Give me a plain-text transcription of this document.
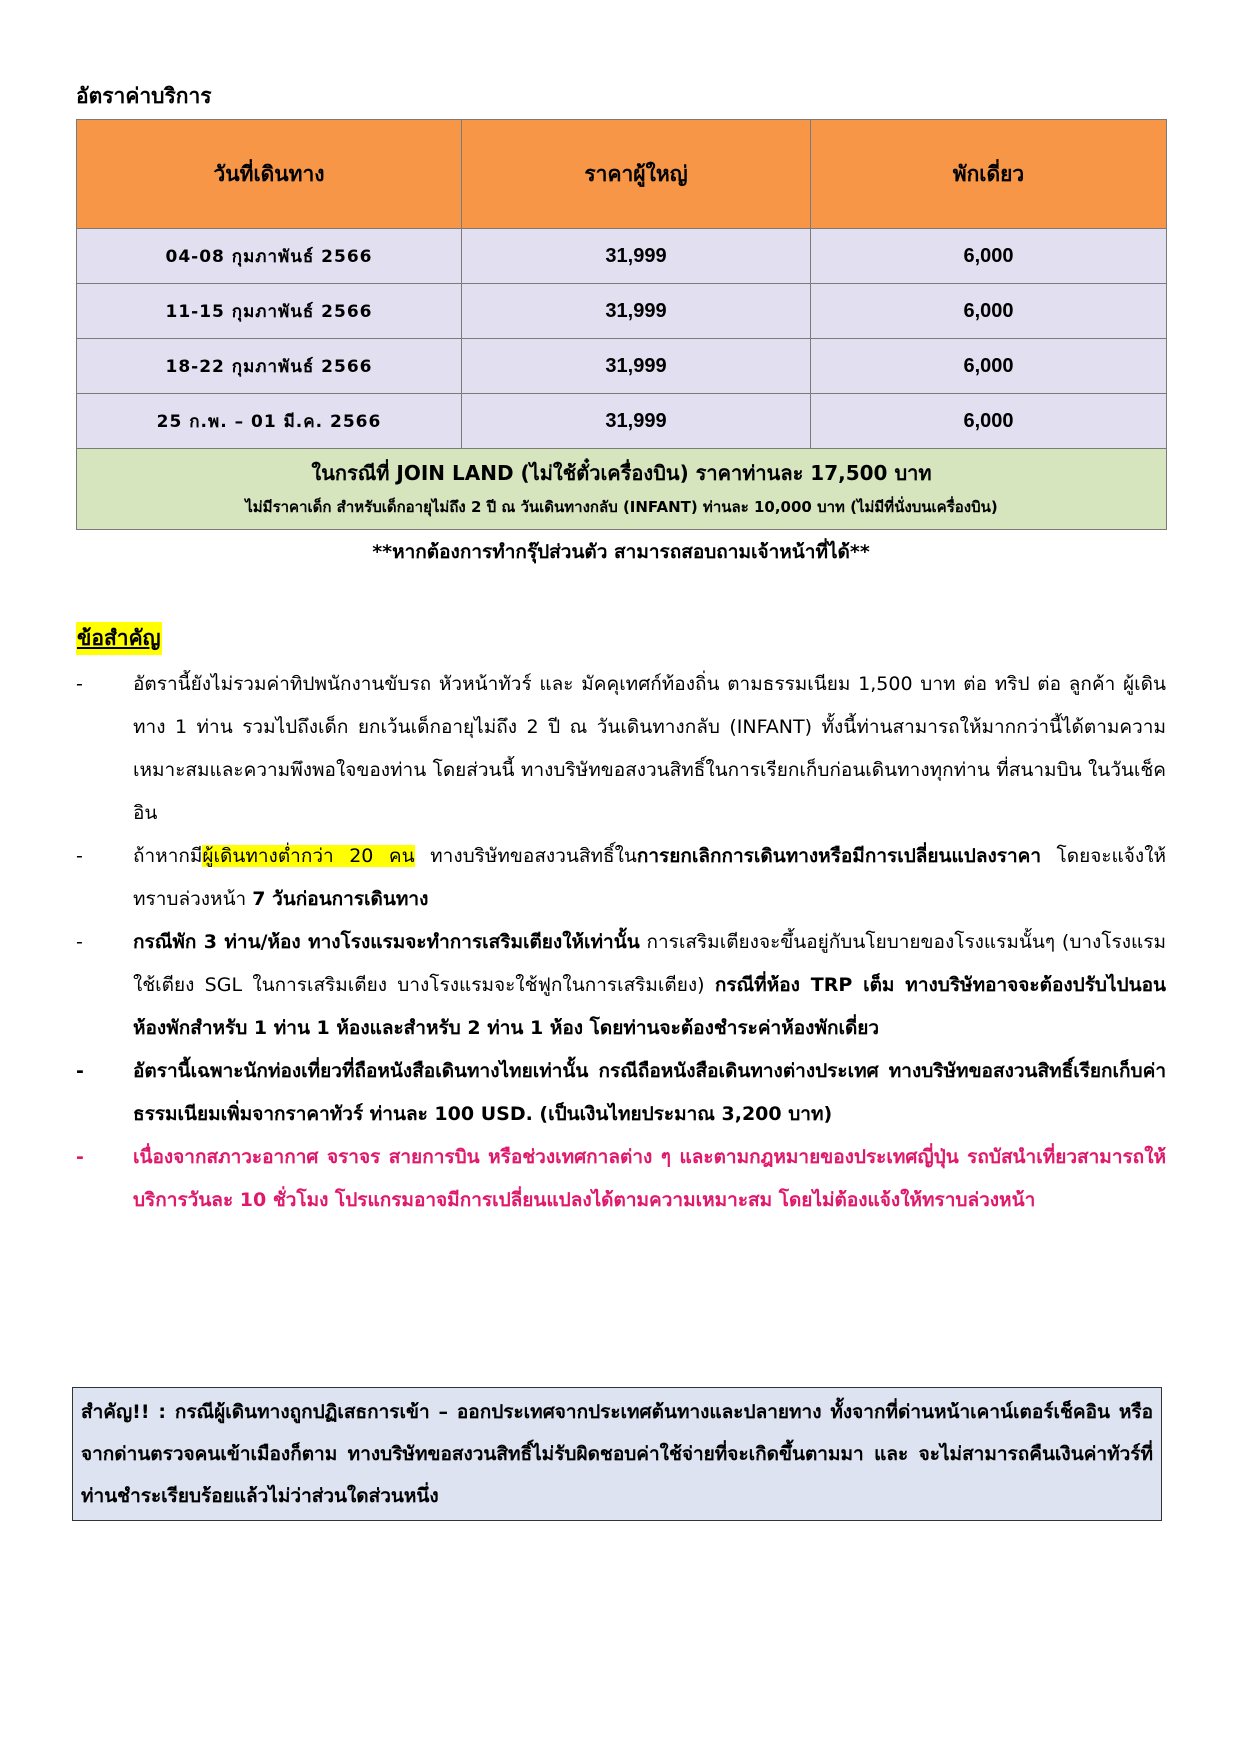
อัตราค่าบริการ
วันที่เดินทาง	ราคาผู้ใหญ่	พักเดี่ยว
04-08 กุมภาพันธ์ 2566	31,999	6,000
11-15 กุมภาพันธ์ 2566	31,999	6,000
18-22 กุมภาพันธ์ 2566	31,999	6,000
25 ก.พ. – 01 มี.ค. 2566	31,999	6,000

ในกรณีที่ JOIN LAND (ไม่ใช้ตั๋วเครื่องบิน) ราคาท่านละ 17,500 บาท
ไม่มีราคาเด็ก สำหรับเด็กอายุไม่ถึง 2 ปี ณ วันเดินทางกลับ (INFANT) ท่านละ 10,000 บาท (ไม่มีที่นั่งบนเครื่องบิน)		
**หากต้องการทำกรุ๊ปส่วนตัว สามารถสอบถามเจ้าหน้าที่ได้**
ข้อสำคัญ
-	อัตรานี้ยังไม่รวมค่าทิปพนักงานขับรถ หัวหน้าทัวร์ และ มัคคุเทศก์ท้องถิ่น ตามธรรมเนียม 1,500 บาท ต่อ ทริป ต่อ ลูกค้า ผู้เดินทาง 1 ท่าน รวมไปถึงเด็ก ยกเว้นเด็กอายุไม่ถึง 2 ปี ณ วันเดินทางกลับ (INFANT) ทั้งนี้ท่านสามารถให้มากกว่านี้ได้ตามความเหมาะสมและความพึงพอใจของท่าน โดยส่วนนี้ ทางบริษัทขอสงวนสิทธิ์ในการเรียกเก็บก่อนเดินทางทุกท่าน ที่สนามบิน ในวันเช็คอิน
-	ถ้าหากมีผู้เดินทางต่ำกว่า 20 คน ทางบริษัทขอสงวนสิทธิ์ในการยกเลิกการเดินทางหรือมีการเปลี่ยนแปลงราคา โดยจะแจ้งให้ทราบล่วงหน้า 7 วันก่อนการเดินทาง
-	กรณีพัก 3 ท่าน/ห้อง ทางโรงแรมจะทำการเสริมเตียงให้เท่านั้น การเสริมเตียงจะขึ้นอยู่กับนโยบายของโรงแรมนั้นๆ (บางโรงแรมใช้เตียง SGL ในการเสริมเตียง บางโรงแรมจะใช้ฟูกในการเสริมเตียง) กรณีที่ห้อง TRP เต็ม ทางบริษัทอาจจะต้องปรับไปนอนห้องพักสำหรับ 1 ท่าน 1 ห้องและสำหรับ 2 ท่าน 1 ห้อง โดยท่านจะต้องชำระค่าห้องพักเดี่ยว
-	อัตรานี้เฉพาะนักท่องเที่ยวที่ถือหนังสือเดินทางไทยเท่านั้น กรณีถือหนังสือเดินทางต่างประเทศ ทางบริษัทขอสงวนสิทธิ์เรียกเก็บค่าธรรมเนียมเพิ่มจากราคาทัวร์ ท่านละ 100 USD. (เป็นเงินไทยประมาณ 3,200 บาท)
-	เนื่องจากสภาวะอากาศ จราจร สายการบิน หรือช่วงเทศกาลต่าง ๆ และตามกฎหมายของประเทศญี่ปุ่น รถบัสนำเที่ยวสามารถให้บริการวันละ 10 ชั่วโมง โปรแกรมอาจมีการเปลี่ยนแปลงได้ตามความเหมาะสม โดยไม่ต้องแจ้งให้ทราบล่วงหน้า
สำคัญ!! : กรณีผู้เดินทางถูกปฏิเสธการเข้า – ออกประเทศจากประเทศต้นทางและปลายทาง ทั้งจากที่ด่านหน้าเคาน์เตอร์เช็คอิน หรือจากด่านตรวจคนเข้าเมืองก็ตาม ทางบริษัทขอสงวนสิทธิ์ไม่รับผิดชอบค่าใช้จ่ายที่จะเกิดขึ้นตามมา และ จะไม่สามารถคืนเงินค่าทัวร์ที่ท่านชำระเรียบร้อยแล้วไม่ว่าส่วนใดส่วนหนึ่ง
